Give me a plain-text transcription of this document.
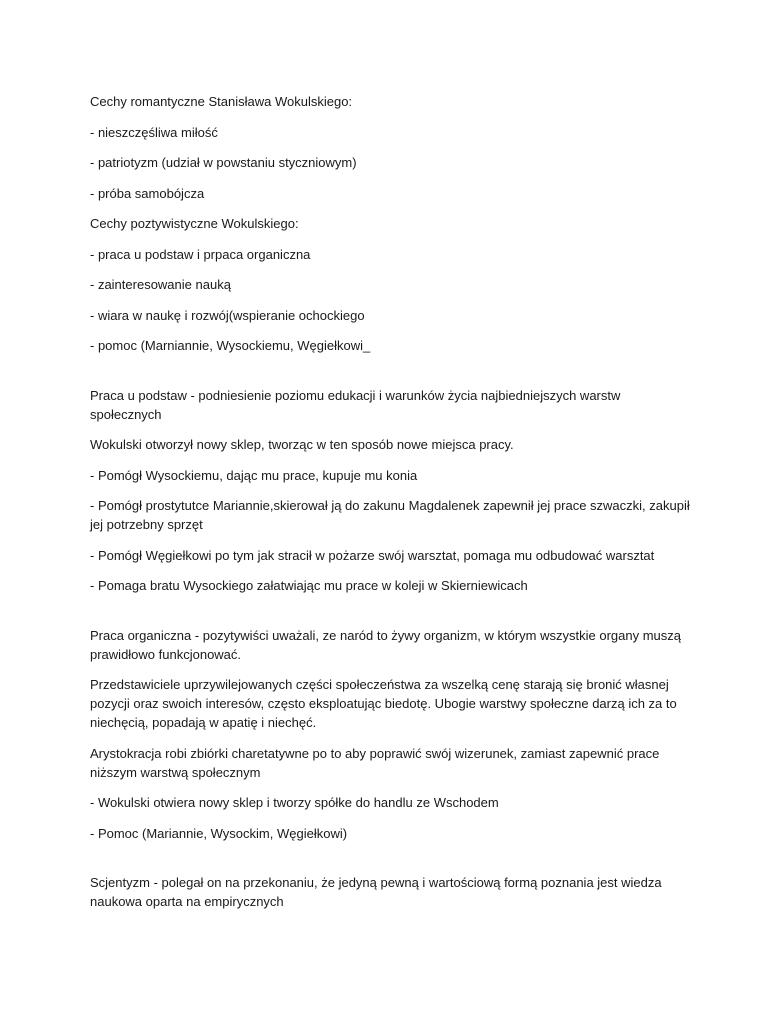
Cechy romantyczne Stanisława Wokulskiego:

- nieszczęśliwa miłość

- patriotyzm (udział w powstaniu styczniowym)

- próba samobójcza

Cechy poztywistyczne Wokulskiego:

- praca u podstaw i prpaca organiczna

- zainteresowanie nauką

- wiara w naukę i rozwój(wspieranie ochockiego

- pomoc (Marniannie, Wysockiemu, Węgiełkowi_

Praca u podstaw - podniesienie poziomu edukacji i warunków życia najbiedniejszych warstw społecznych

Wokulski otworzył nowy sklep, tworząc w ten sposób nowe miejsca pracy.

- Pomógł Wysockiemu, dając mu prace, kupuje mu konia

- Pomógł prostytutce Mariannie,skierował ją do zakunu Magdalenek zapewnił jej prace szwaczki, zakupił jej potrzebny sprzęt

- Pomógł Węgiełkowi po tym jak stracił w pożarze swój warsztat, pomaga mu odbudować warsztat

- Pomaga bratu Wysockiego załatwiając mu prace w koleji w Skierniewicach

Praca organiczna - pozytywiści uważali, ze naród to żywy organizm, w którym wszystkie organy muszą prawidłowo funkcjonować.

Przedstawiciele uprzywilejowanych części społeczeństwa za wszelką cenę starają się bronić własnej pozycji oraz swoich interesów, często eksploatując biedotę. Ubogie warstwy społeczne darzą ich za to niechęcią, popadają w apatię i niechęć.

Arystokracja robi zbiórki charetatywne po to aby poprawić swój wizerunek, zamiast zapewnić prace niższym warstwą społecznym

- Wokulski otwiera nowy sklep i tworzy spółke do handlu ze Wschodem

- Pomoc (Mariannie, Wysockim, Węgiełkowi)

Scjentyzm - polegał on na przekonaniu, że jedyną pewną i wartościową formą poznania jest wiedza naukowa oparta na empirycznych
